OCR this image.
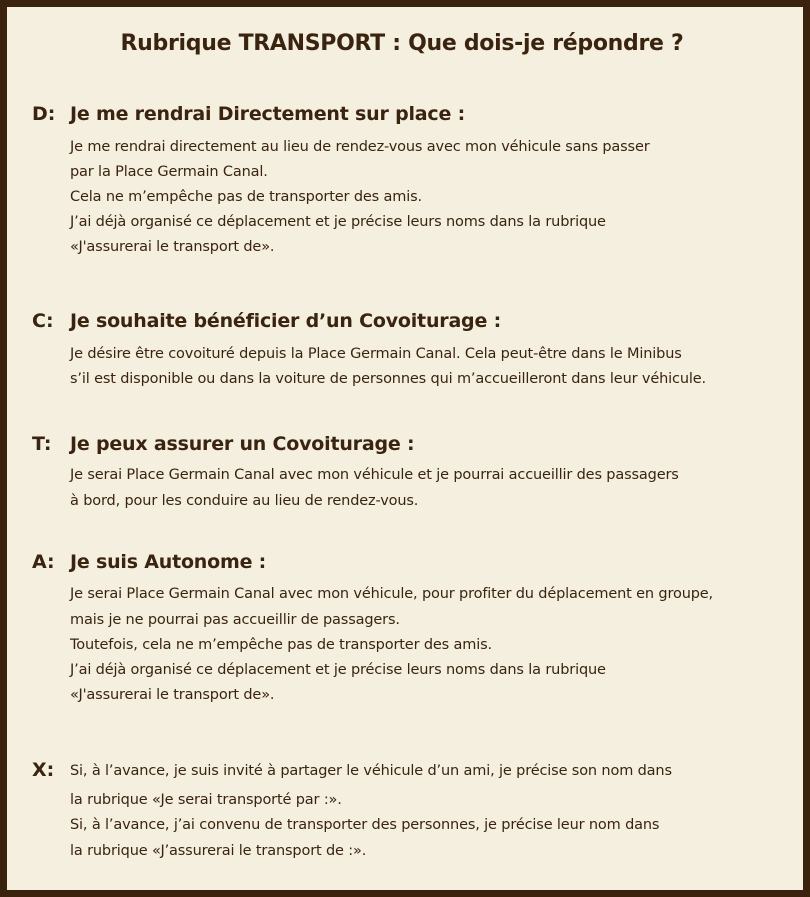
Rubrique TRANSPORT : Que dois-je répondre ?
D: Je me rendrai Directement sur place :
Je me rendrai directement au lieu de rendez-vous avec mon véhicule sans passer
par la Place Germain Canal.
Cela ne m’empêche pas de transporter des amis.
J’ai déjà organisé ce déplacement et je précise leurs noms dans la rubrique
«J'assurerai le transport de».
C: Je souhaite bénéficier d’un Covoiturage :
Je désire être covoituré depuis la Place Germain Canal. Cela peut-être dans le Minibus
s’il est disponible ou dans la voiture de personnes qui m’accueilleront dans leur véhicule.
T: Je peux assurer un Covoiturage :
Je serai Place Germain Canal avec mon véhicule et je pourrai accueillir des passagers
à bord, pour les conduire au lieu de rendez-vous.
A: Je suis Autonome :
Je serai Place Germain Canal avec mon véhicule, pour profiter du déplacement en groupe,
mais je ne pourrai pas accueillir de passagers.
Toutefois, cela ne m’empêche pas de transporter des amis.
J’ai déjà organisé ce déplacement et je précise leurs noms dans la rubrique
«J'assurerai le transport de».
X: Si, à l’avance, je suis invité à partager le véhicule d’un ami, je précise son nom dans
la rubrique «Je serai transporté par :».
Si, à l’avance, j’ai convenu de transporter des personnes, je précise leur nom dans
la rubrique «J’assurerai le transport de :».
